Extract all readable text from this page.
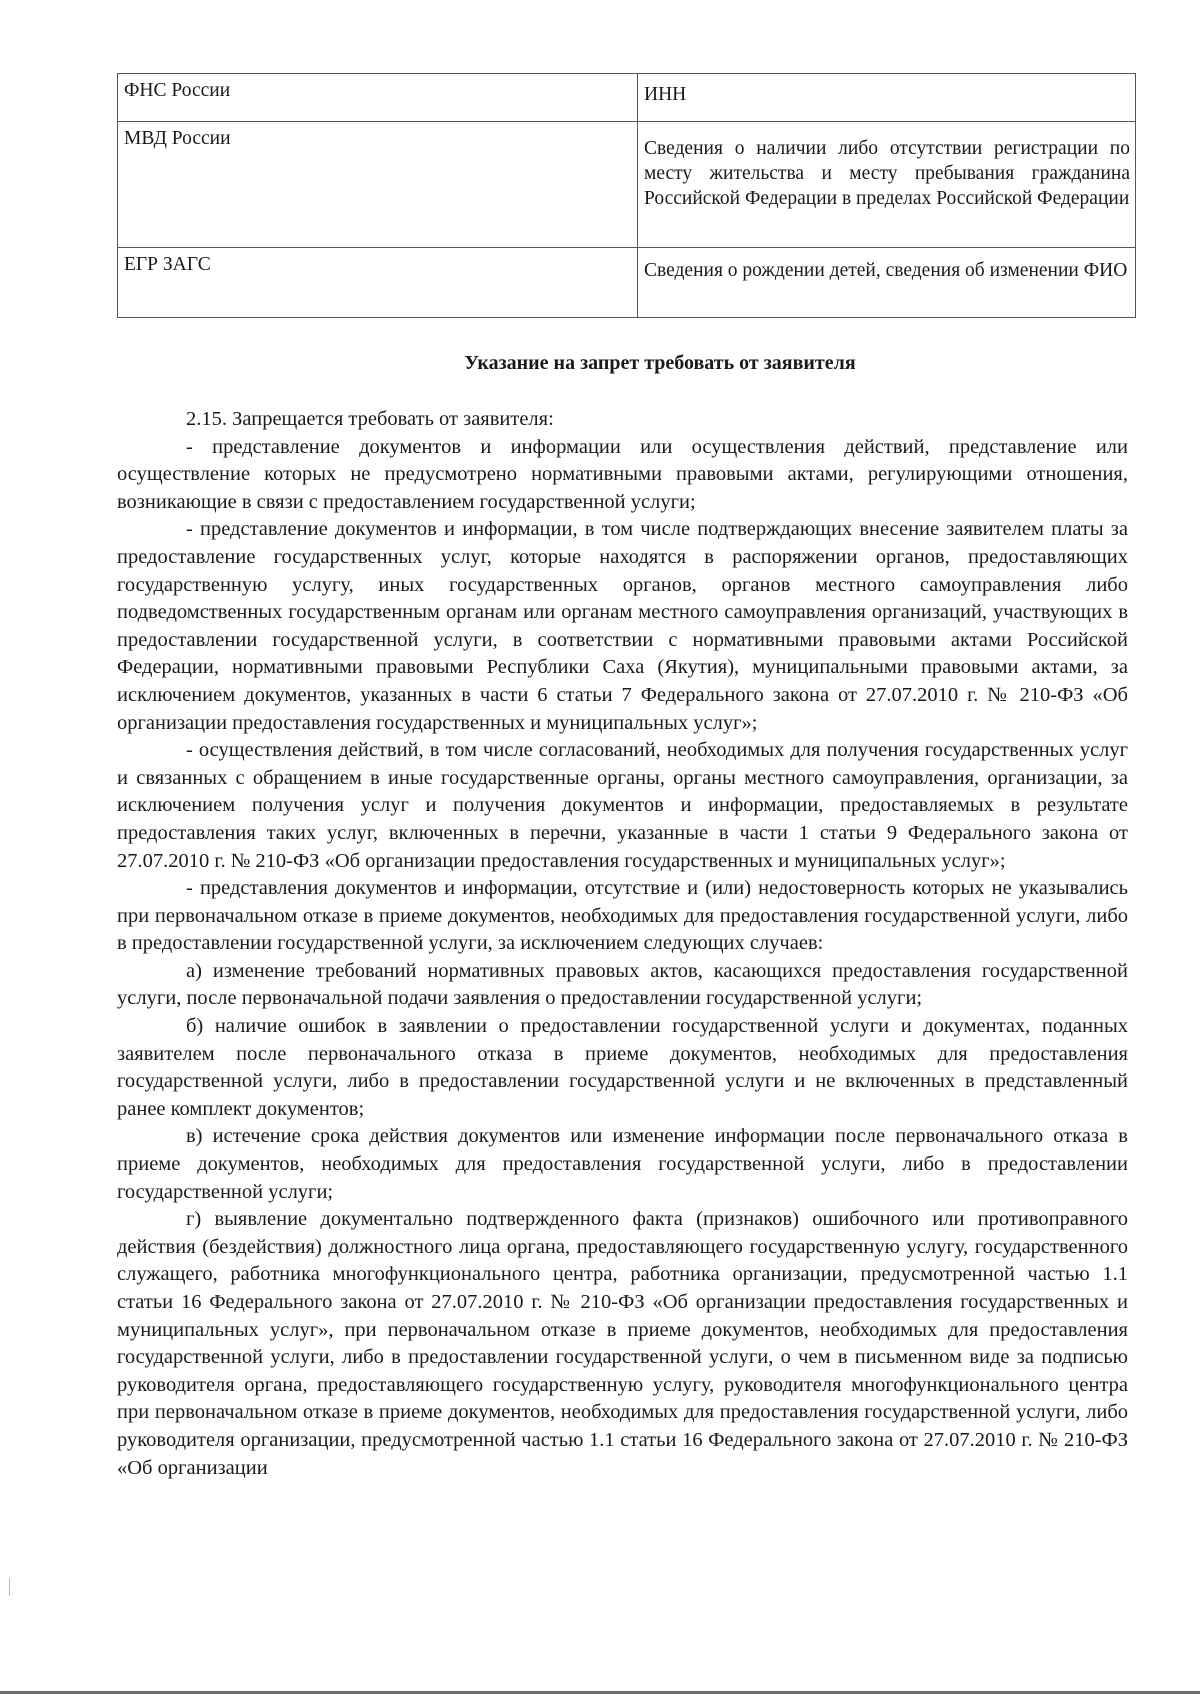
ФНС России	ИНН
МВД России	Сведения о наличии либо отсутствии регистрации по месту жительства и месту пребывания гражданина Российской Федерации в пределах Российской Федерации
ЕГР ЗАГС	Сведения о рождении детей, сведения об изменении ФИО
Указание на запрет требовать от заявителя

2.15. Запрещается требовать от заявителя:

- представление документов и информации или осуществления действий, представление или осуществление которых не предусмотрено нормативными правовыми актами, регулирующими отношения, возникающие в связи с предоставлением государственной услуги;

- представление документов и информации, в том числе подтверждающих внесение заявителем платы за предоставление государственных услуг, которые находятся в распоряжении органов, предоставляющих государственную услугу, иных государственных органов, органов местного самоуправления либо подведомственных государственным органам или органам местного самоуправления организаций, участвующих в предоставлении государственной услуги, в соответствии с нормативными правовыми актами Российской Федерации, нормативными правовыми Республики Саха (Якутия), муниципальными правовыми актами, за исключением документов, указанных в части 6 статьи 7 Федерального закона от 27.07.2010 г. № 210-ФЗ «Об организации предоставления государственных и муниципальных услуг»;

- осуществления действий, в том числе согласований, необходимых для получения государственных услуг и связанных с обращением в иные государственные органы, органы местного самоуправления, организации, за исключением получения услуг и получения документов и информации, предоставляемых в результате предоставления таких услуг, включенных в перечни, указанные в части 1 статьи 9 Федерального закона от 27.07.2010 г. № 210-ФЗ «Об организации предоставления государственных и муниципальных услуг»;

- представления документов и информации, отсутствие и (или) недостоверность которых не указывались при первоначальном отказе в приеме документов, необходимых для предоставления государственной услуги, либо в предоставлении государственной услуги, за исключением следующих случаев:

а) изменение требований нормативных правовых актов, касающихся предоставления государственной услуги, после первоначальной подачи заявления о предоставлении государственной услуги;

б) наличие ошибок в заявлении о предоставлении государственной услуги и документах, поданных заявителем после первоначального отказа в приеме документов, необходимых для предоставления государственной услуги, либо в предоставлении государственной услуги и не включенных в представленный ранее комплект документов;

в) истечение срока действия документов или изменение информации после первоначального отказа в приеме документов, необходимых для предоставления государственной услуги, либо в предоставлении государственной услуги;

г) выявление документально подтвержденного факта (признаков) ошибочного или противоправного действия (бездействия) должностного лица органа, предоставляющего государственную услугу, государственного служащего, работника многофункционального центра, работника организации, предусмотренной частью 1.1 статьи 16 Федерального закона от 27.07.2010 г. № 210-ФЗ «Об организации предоставления государственных и муниципальных услуг», при первоначальном отказе в приеме документов, необходимых для предоставления государственной услуги, либо в предоставлении государственной услуги, о чем в письменном виде за подписью руководителя органа, предоставляющего государственную услугу, руководителя многофункционального центра при первоначальном отказе в приеме документов, необходимых для предоставления государственной услуги, либо руководителя организации, предусмотренной частью 1.1 статьи 16 Федерального закона от 27.07.2010 г. № 210-ФЗ «Об организации
